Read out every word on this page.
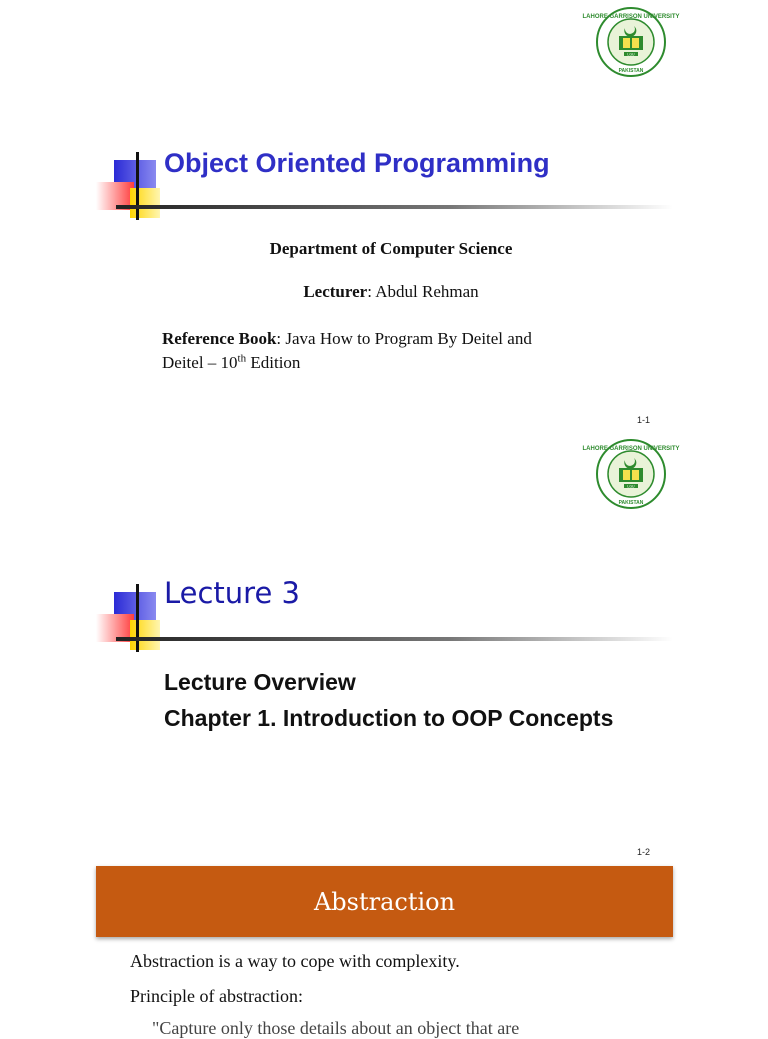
LAHORE GARRISON UNIVERSITY
PAKISTAN
LGU
Object Oriented Programming
Department of Computer Science
Lecturer: Abdul Rehman
Reference Book: Java How to Program By Deitel and
Deitel – 10th Edition
1-1
LAHORE GARRISON UNIVERSITY
PAKISTAN
LGU
Lecture 3
Lecture Overview
Chapter 1. Introduction to OOP Concepts
1-2
Abstraction
Abstraction is a way to cope with complexity.
Principle of abstraction:
"Capture only those details about an object that are
